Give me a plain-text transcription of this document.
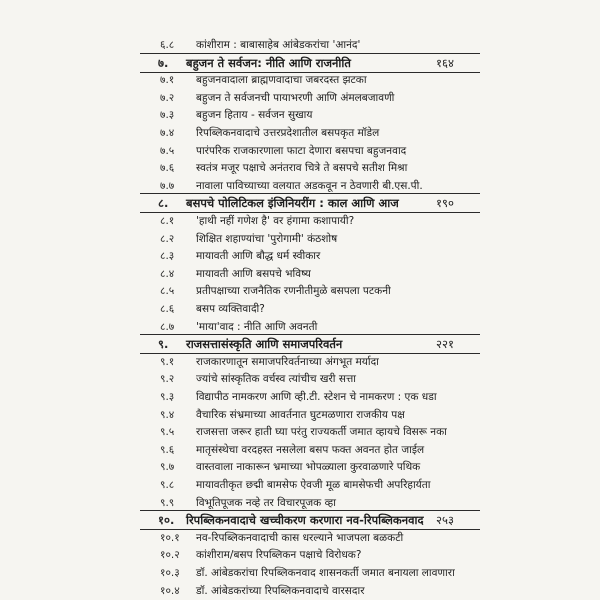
६.८ कांशीराम : बाबासाहेब आंबेडकरांचा 'आनंद'
७. बहुजन ते सर्वजन: नीति आणि राजनीति	१६४
७.१ बहुजनवादाला ब्राह्मणवादाचा जबरदस्त झटका
७.२ बहुजन ते सर्वजनची पायाभरणी आणि अंमलबजावणी
७.३ बहुजन हिताय - सर्वजन सुखाय
७.४ रिपब्लिकनवादाचे उत्तरप्रदेशातील बसपकृत मॉडेल
७.५ पारंपरिक राजकारणाला फाटा देणारा बसपचा बहुजनवाद
७.६ स्वतंत्र मजूर पक्षाचे अनंतराव चित्रे ते बसपचे सतीश मिश्रा
७.७ नावाला पाविच्याच्या वलयात अडकवून न ठेवणारी बी.एस.पी.
८. बसपचे पोलिटिकल इंजिनियरींग : काल आणि आज	१९०
८.१ 'हाथी नहीं गणेश है' वर हंगामा कशापायी?
८.२ शिक्षित शहाण्यांचा 'पुरोगामी' कंठशोष
८.३ मायावती आणि बौद्ध धर्म स्वीकार
८.४ मायावती आणि बसपचे भविष्य
८.५ प्रतीपक्षाच्या राजनैतिक रणनीतीमुळे बसपला पटकनी
८.६ बसप व्यक्तिवादी?
८.७ 'माया'वाद : नीति आणि अवनती
९. राजसत्तासंस्कृति आणि समाजपरिवर्तन	२२१
९.१ राजकारणातून समाजपरिवर्तनाच्या अंगभूत मर्यादा
९.२ ज्यांचे सांस्कृतिक वर्चस्व त्यांचीच खरी सत्ता
९.३ विद्यापीठ नामकरण आणि व्ही.टी. स्टेशन चे नामकरण : एक धडा
९.४ वैचारिक संभ्रमाच्या आवर्तनात घुटमळणारा राजकीय पक्ष
९.५ राजसत्ता जरूर हाती घ्या परंतु राज्यकर्ती जमात व्हायचे विसरू नका
९.६ मातृसंस्थेचा वरदहस्त नसलेला बसप फक्त अवनत होत जाईल
९.७ वास्तवाला नाकारून भ्रमाच्या भोपळ्याला कुरवाळणारे पथिक
९.८ मायावतीकृत छद्मी बामसेफ ऐवजी मूळ बामसेफची अपरिहार्यता
९.९ विभूतिपूजक नव्हे तर विचारपूजक व्हा
१०. रिपब्लिकनवादाचे खच्चीकरण करणारा नव-रिपब्लिकनवाद २५३
१०.१ नव-रिपब्लिकनवादाची कास धरल्याने भाजपला बळकटी
१०.२ कांशीराम/बसप रिपब्लिकन पक्षाचे विरोधक?
१०.३ डॉ. आंबेडकरांचा रिपब्लिकनवाद शासनकर्ती जमात बनायला लावणारा
१०.४ डॉ. आंबेडकरांच्या रिपब्लिकनवादाचे वारसदार
